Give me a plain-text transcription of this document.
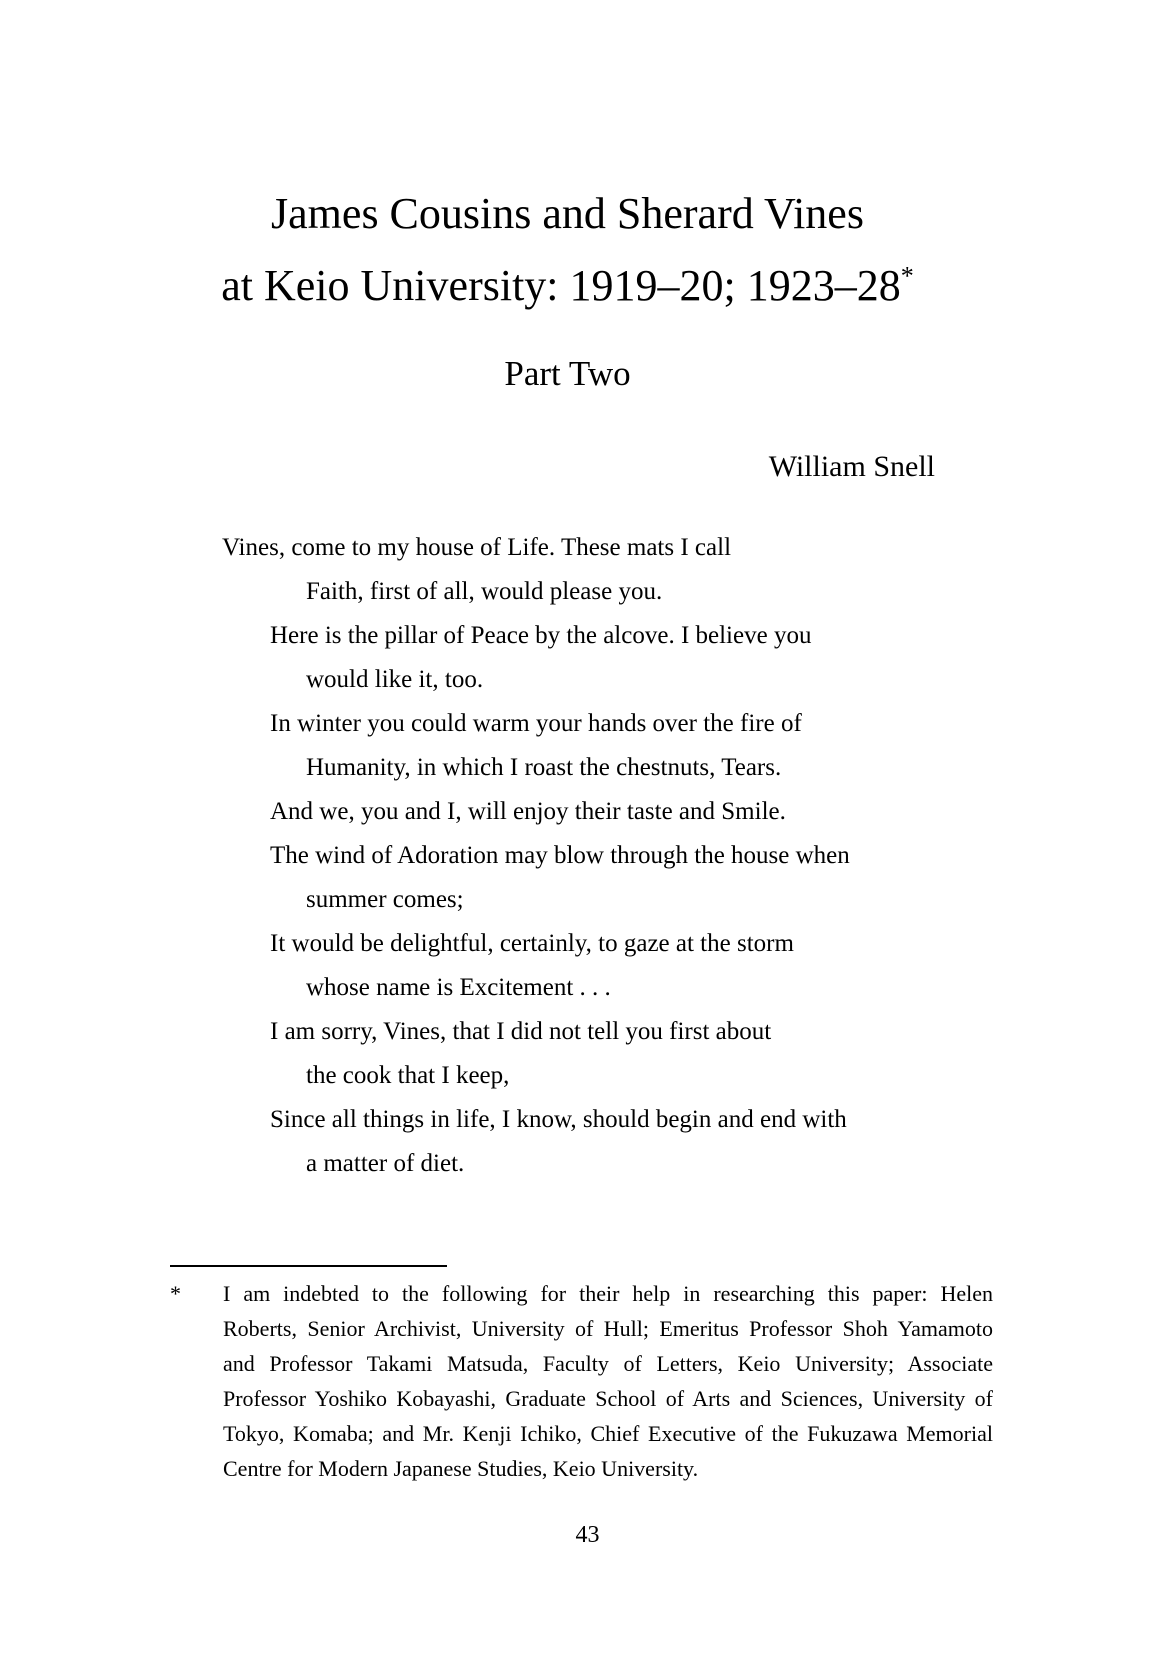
James Cousins and Sherard Vines
at Keio University: 1919–20; 1923–28*
Part Two
William Snell
Vines, come to my house of Life. These mats I call
Faith, first of all, would please you.
Here is the pillar of Peace by the alcove. I believe you
would like it, too.
In winter you could warm your hands over the fire of
Humanity, in which I roast the chestnuts, Tears.
And we, you and I, will enjoy their taste and Smile.
The wind of Adoration may blow through the house when
summer comes;
It would be delightful, certainly, to gaze at the storm
whose name is Excitement . . .
I am sorry, Vines, that I did not tell you first about
the cook that I keep,
Since all things in life, I know, should begin and end with
a matter of diet.
* I am indebted to the following for their help in researching this paper: Helen
Roberts, Senior Archivist, University of Hull; Emeritus Professor Shoh Yamamoto
and Professor Takami Matsuda, Faculty of Letters, Keio University; Associate
Professor Yoshiko Kobayashi, Graduate School of Arts and Sciences, University of
Tokyo, Komaba; and Mr. Kenji Ichiko, Chief Executive of the Fukuzawa Memorial
Centre for Modern Japanese Studies, Keio University.
43
